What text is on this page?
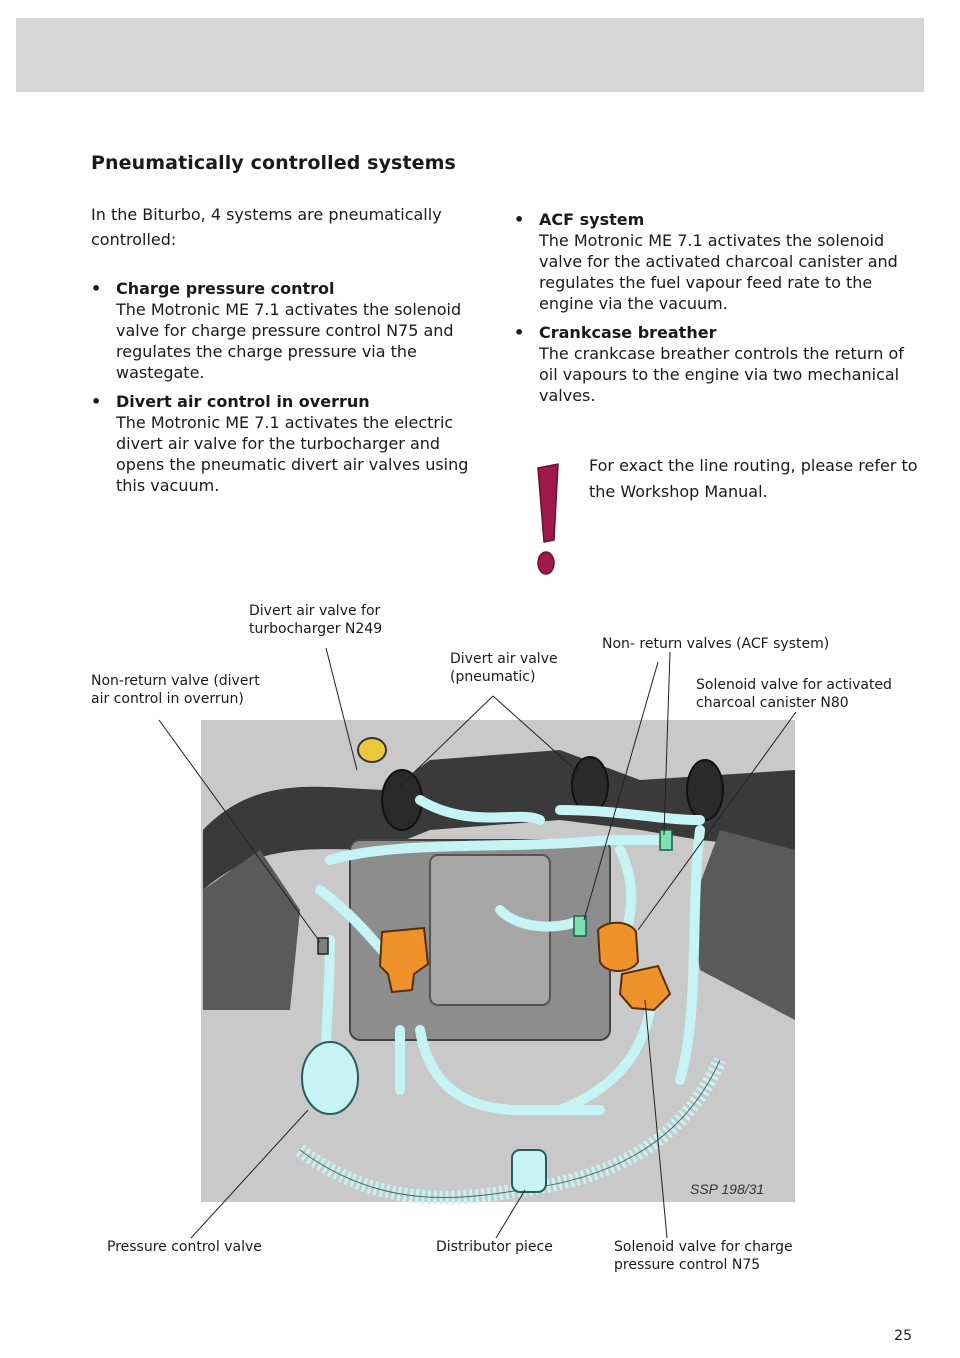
Pneumatically controlled systems
In the Biturbo, 4 systems are pneumatically controlled:
• Charge pressure control
The Motronic ME 7.1 activates the solenoid valve for charge pressure control N75 and regulates the charge pressure via the wastegate.
• Divert air control in overrun
The Motronic ME 7.1 activates the electric divert air valve for the turbocharger and opens the pneumatic divert air valves using this vacuum.
• ACF system
The Motronic ME 7.1 activates the solenoid valve for the activated charcoal canister and regulates the fuel vapour feed rate to the engine via the vacuum.
• Crankcase breather
The crankcase breather controls the return of oil vapours to the engine via two mechanical valves.
For exact the line routing, please refer to the Workshop Manual.
SSP 198/31
Divert air valve for
turbocharger N249
Divert air valve
(pneumatic)
Non- return valves (ACF system)
Non-return valve (divert
air control in overrun)
Solenoid valve for activated
charcoal canister N80
Pressure control valve	Distributor piece	Solenoid valve for charge
pressure control N75
25
